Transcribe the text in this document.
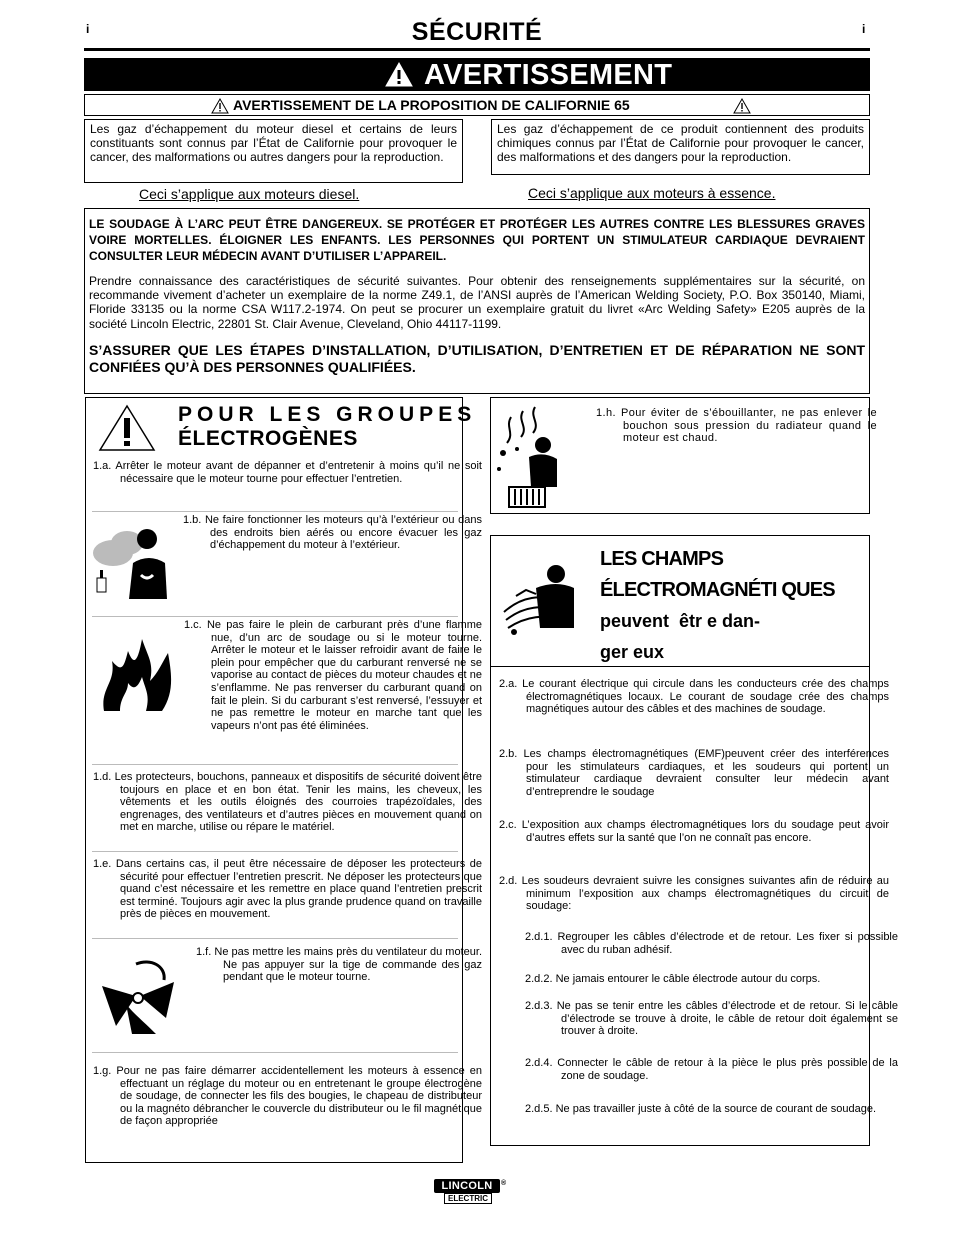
i	i
SÉCURITÉ
AVERTISSEMENT
AVERTISSEMENT DE LA PROPOSITION DE CALIFORNIE 65
Les gaz d’échappement du moteur diesel et certains de leurs constituants sont connus par l’État de Californie pour provoquer le cancer, des malformations ou autres dangers pour la reproduction.
Les gaz d’échappement de ce produit contiennent des produits chimiques connus par l’État de Californie pour provoquer le cancer, des malformations et des dangers pour la reproduction.
Ceci s’applique aux moteurs diesel.	Ceci s’applique aux moteurs à essence.
LE SOUDAGE À L’ARC PEUT ÊTRE DANGEREUX. SE PROTÉGER ET PROTÉGER LES AUTRES CONTRE LES BLESSURES GRAVES VOIRE MORTELLES. ÉLOIGNER LES ENFANTS. LES PERSONNES QUI PORTENT UN STIMULATEUR CARDIAQUE DEVRAIENT CONSULTER LEUR MÉDECIN AVANT D’UTILISER L’APPAREIL.
Prendre connaissance des caractéristiques de sécurité suivantes. Pour obtenir des renseignements supplémentaires sur la sécurité, on recommande vivement d’acheter un exemplaire de la norme Z49.1, de l’ANSI auprès de l’American Welding Society, P.O. Box 350140, Miami, Floride 33135 ou la norme CSA W117.2-1974. On peut se procurer un exemplaire gratuit du livret «Arc Welding Safety» E205 auprès de la société Lincoln Electric, 22801 St. Clair Avenue, Cleveland, Ohio 44117-1199.
S’ASSURER QUE LES ÉTAPES D’INSTALLATION, D’UTILISATION, D’ENTRETIEN ET DE RÉPARATION NE SONT CONFIÉES QU’À DES PERSONNES QUALIFIÉES.
POUR LES GROUPES
ÉLECTROGÈNES
1.a. Arrêter le moteur avant de dépanner et d’entretenir à moins qu’il ne soit nécessaire que le moteur tourne pour effectuer l’entretien.
1.b. Ne faire fonctionner les moteurs qu’à l’extérieur ou dans des endroits bien aérés ou encore évacuer les gaz d’échappement du moteur à l’extérieur.
1.c. Ne pas faire le plein de carburant près d’une flamme nue, d’un arc de soudage ou si le moteur tourne. Arrêter le moteur et le laisser refroidir avant de faire le plein pour empêcher que du carburant renversé ne se vaporise au contact de pièces du moteur chaudes et ne s’enflamme. Ne pas renverser du carburant quand on fait le plein. Si du carburant s’est renversé, l’essuyer et ne pas remettre le moteur en marche tant que les vapeurs n’ont pas été éliminées.
1.d. Les protecteurs, bouchons, panneaux et dispositifs de sécurité doivent être toujours en place et en bon état. Tenir les mains, les cheveux, les vêtements et les outils éloignés des courroies trapézoïdales, des engrenages, des ventilateurs et d’autres pièces en mouvement quand on met en marche, utilise ou répare le matériel.
1.e. Dans certains cas, il peut être nécessaire de déposer les protecteurs de sécurité pour effectuer l’entretien prescrit. Ne déposer les protecteurs que quand c’est nécessaire et les remettre en place quand l’entretien prescrit est terminé. Toujours agir avec la plus grande prudence quand on travaille près de pièces en mouvement.
1.f. Ne pas mettre les mains près du ventilateur du moteur. Ne pas appuyer sur la tige de commande des gaz pendant que le moteur tourne.
1.g. Pour ne pas faire démarrer accidentellement les moteurs à essence en effectuant un réglage du moteur ou en entretenant le groupe électrogène de soudage, de connecter les fils des bougies, le chapeau de distributeur ou la magnéto débrancher le couvercle du distributeur ou le fil magnétique de façon appropriée
1.h. Pour éviter de s’ébouillanter, ne pas enlever le bouchon sous pression du radiateur quand le moteur est chaud.
LES CHAMPS
ÉLECTROMAGNÉTI QUES
peuvent  êtr e dan-
ger eux
2.a. Le courant électrique qui circule dans les conducteurs crée des champs électromagnétiques locaux. Le courant de soudage crée des champs magnétiques autour des câbles et des machines de soudage.
2.b. Les champs électromagnétiques (EMF)peuvent créer des interférences pour les stimulateurs cardiaques, et les soudeurs qui portent un stimulateur cardiaque devraient consulter leur médecin avant d’entreprendre le soudage
2.c. L’exposition aux champs électromagnétiques lors du soudage peut avoir d’autres effets sur la santé que l’on ne connaît pas encore.
2.d. Les soudeurs devraient suivre les consignes suivantes afin de réduire au minimum l’exposition aux champs électromagnétiques du circuit de soudage:
2.d.1. Regrouper les câbles d’électrode et de retour. Les fixer si possible avec du ruban adhésif.
2.d.2. Ne jamais entourer le câble électrode autour du corps.
2.d.3. Ne pas se tenir entre les câbles d’électrode et de retour. Si le câble d’électrode se trouve à droite, le câble de retour doit également se trouver à droite.
2.d.4. Connecter le câble de retour à la pièce le plus près possible de la zone de soudage.
2.d.5. Ne pas travailler juste à côté de la source de courant de soudage.
LINCOLN	®
ELECTRIC
